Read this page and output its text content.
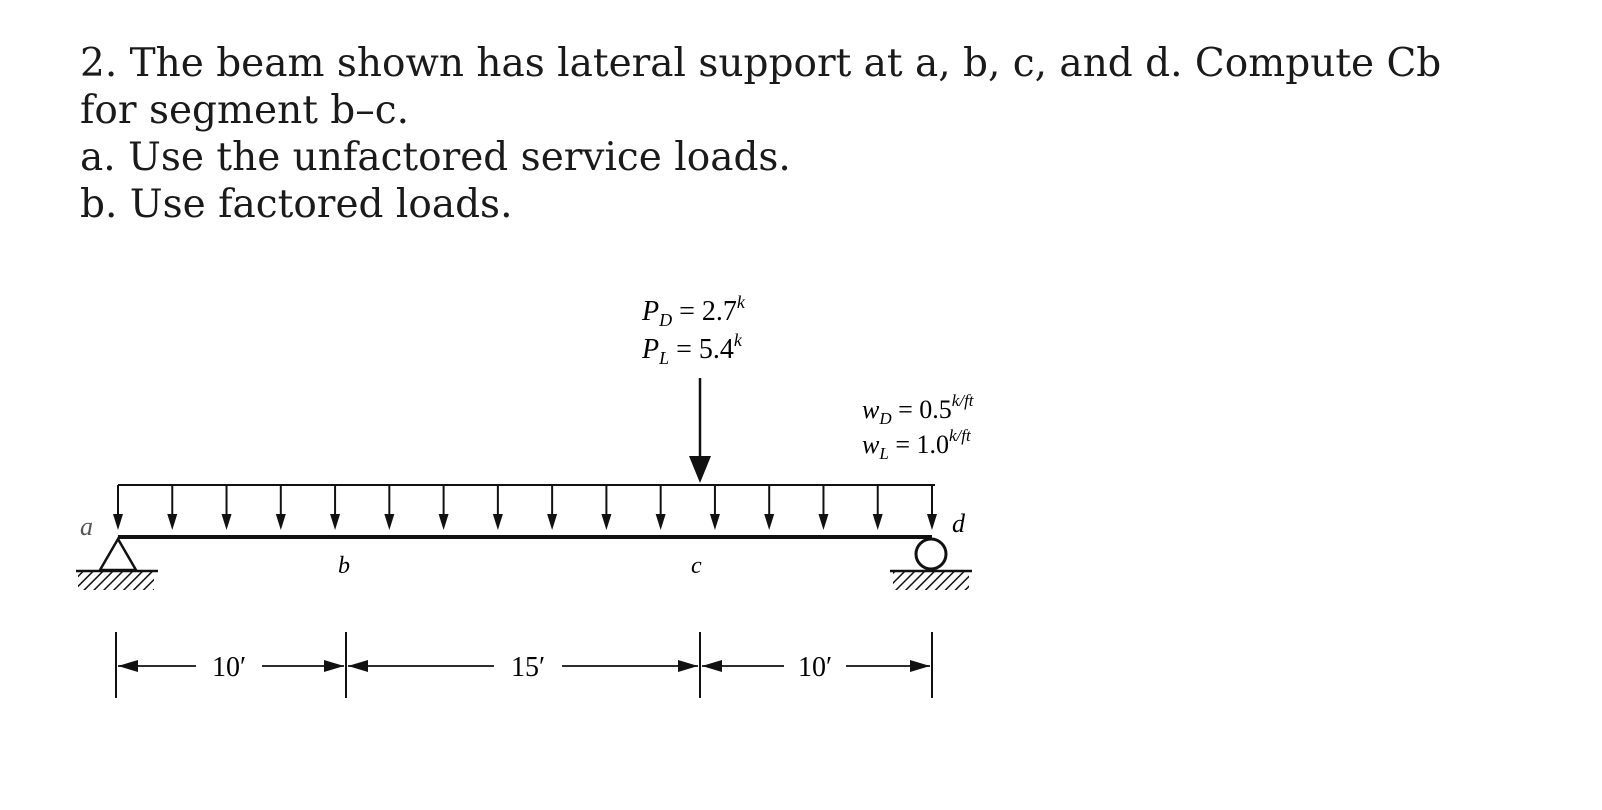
2. The beam shown has lateral support at a, b, c, and d. Compute Cb
for segment b–c.
a. Use the unfactored service loads.
b. Use factored loads.
$P_D = 2.7^k$
$P_L = 5.4^k$
$w_D = 0.5^{k/ft}$
$w_L = 1.0^{k/ft}$
a
b	c
d
10′	15′	10′
